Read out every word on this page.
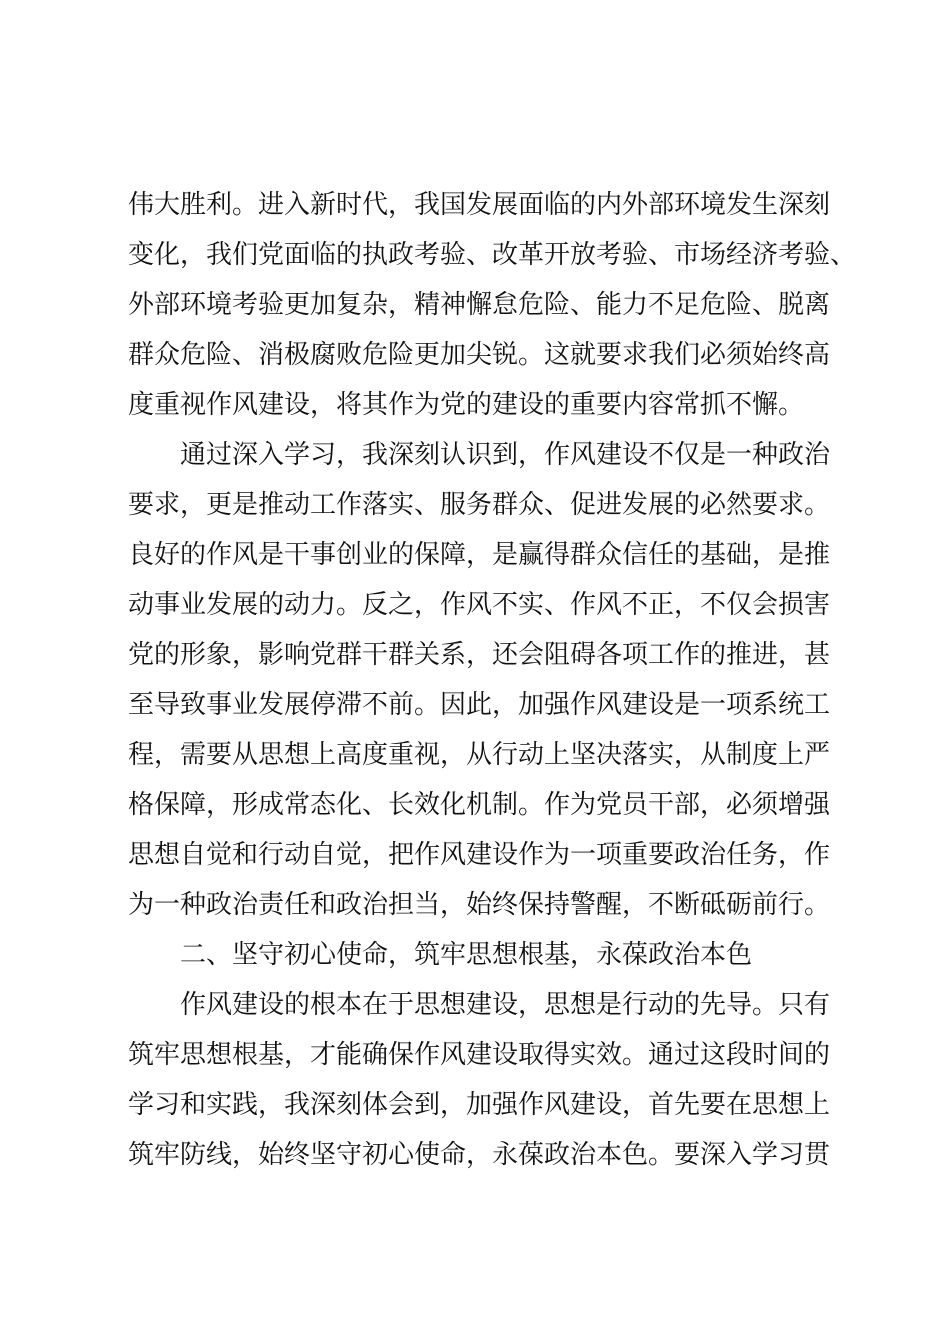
伟大胜利。进入新时代，我国发展面临的内外部环境发生深刻
变化，我们党面临的执政考验、改革开放考验、市场经济考验、
外部环境考验更加复杂，精神懈怠危险、能力不足危险、脱离
群众危险、消极腐败危险更加尖锐。这就要求我们必须始终高
度重视作风建设，将其作为党的建设的重要内容常抓不懈。
通过深入学习，我深刻认识到，作风建设不仅是一种政治
要求，更是推动工作落实、服务群众、促进发展的必然要求。
良好的作风是干事创业的保障，是赢得群众信任的基础，是推
动事业发展的动力。反之，作风不实、作风不正，不仅会损害
党的形象，影响党群干群关系，还会阻碍各项工作的推进，甚
至导致事业发展停滞不前。因此，加强作风建设是一项系统工
程，需要从思想上高度重视，从行动上坚决落实，从制度上严
格保障，形成常态化、长效化机制。作为党员干部，必须增强
思想自觉和行动自觉，把作风建设作为一项重要政治任务，作
为一种政治责任和政治担当，始终保持警醒，不断砥砺前行。
二、坚守初心使命，筑牢思想根基，永葆政治本色
作风建设的根本在于思想建设，思想是行动的先导。只有
筑牢思想根基，才能确保作风建设取得实效。通过这段时间的
学习和实践，我深刻体会到，加强作风建设，首先要在思想上
筑牢防线，始终坚守初心使命，永葆政治本色。要深入学习贯
